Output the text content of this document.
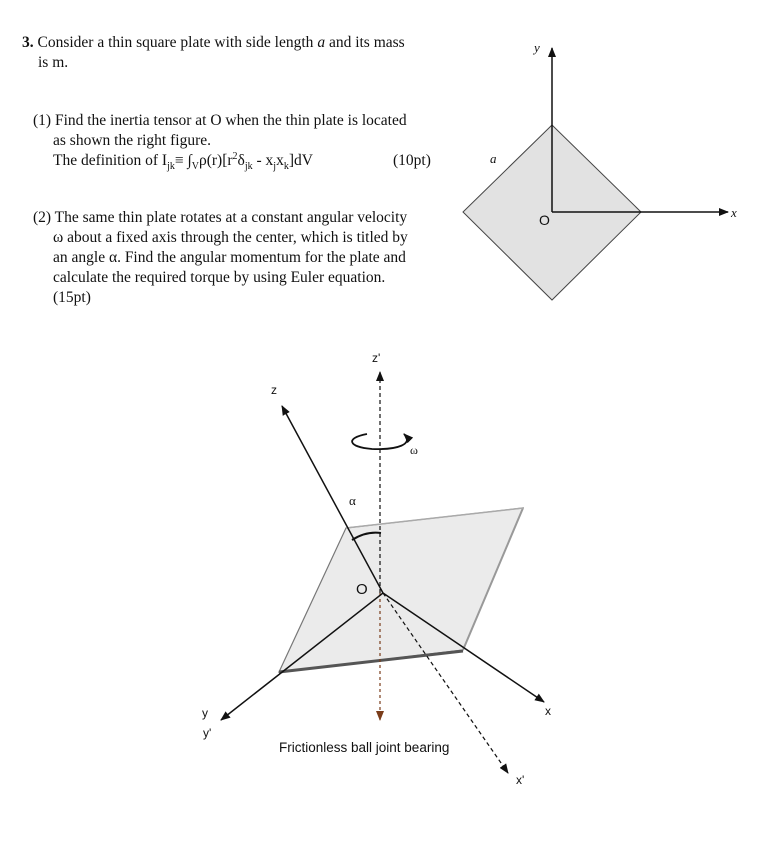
3. Consider a thin square plate with side length a and its mass
is m.
(1) Find the inertia tensor at O when the thin plate is located
as shown the right figure.
The definition of $I_{jk}\equiv \int_V\rho(r)[r^2\delta_{jk} - x_jx_k]dV$	(10pt)
(2) The same thin plate rotates at a constant angular velocity
ω about a fixed axis through the center, which is titled by
an angle α. Find the angular momentum for the plate and
calculate the required torque by using Euler equation.
(15pt)
y
x
a
O
z'
z
ω
α
O
x
x'
y
y'
Frictionless ball joint bearing
